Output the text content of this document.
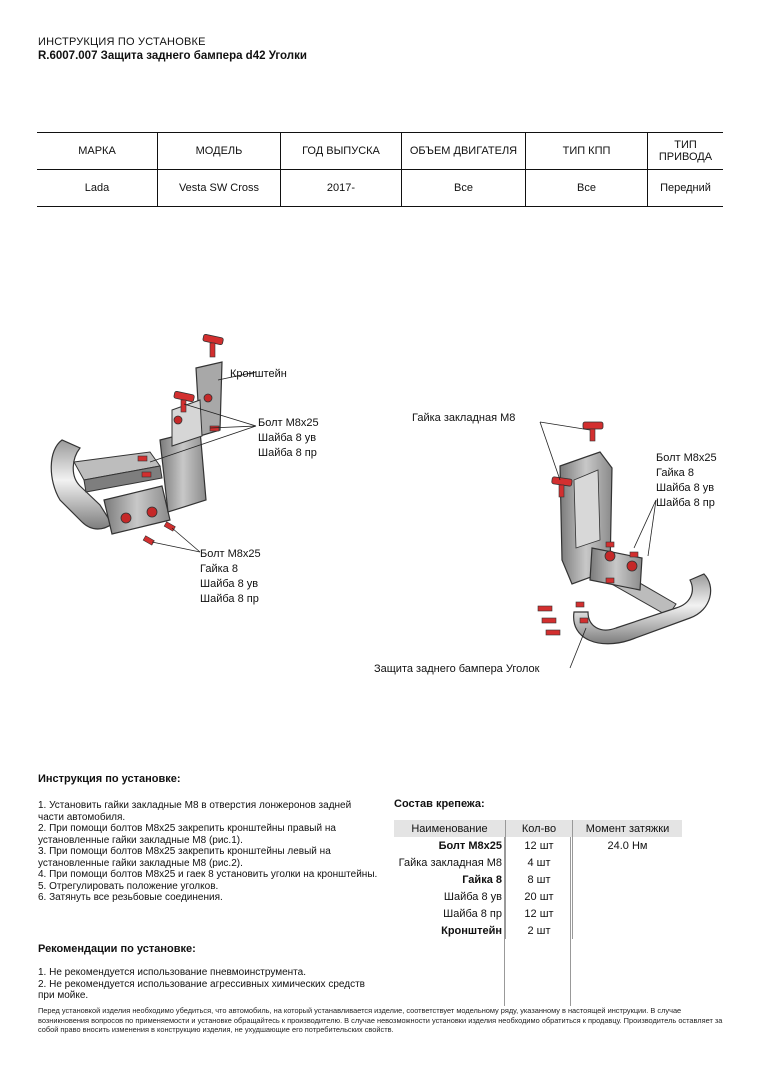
ИНСТРУКЦИЯ ПО УСТАНОВКЕ
R.6007.007 Защита заднего бампера d42 Уголки
МАРКА	МОДЕЛЬ	ГОД ВЫПУСКА	ОБЪЕМ ДВИГАТЕЛЯ	ТИП КПП	ТИП ПРИВОДА
Lada	Vesta SW Cross	2017-	Все	Все	Передний
Кронштейн
Болт М8х25
Шайба 8 ув
Шайба 8 пр
Болт М8х25
Гайка 8
Шайба 8 ув
Шайба 8 пр
Гайка закладная М8
Болт М8х25
Гайка 8
Шайба 8 ув
Шайба 8 пр
Защита заднего бампера Уголок
Инструкция по установке:
1. Установить гайки закладные М8 в отверстия лонжеронов задней части автомобиля.
2. При помощи болтов М8х25 закрепить кронштейны правый на установленные гайки закладные М8 (рис.1).
3. При помощи болтов М8х25 закрепить кронштейны левый на установленные гайки закладные М8 (рис.2).
4. При помощи болтов М8х25 и гаек 8 установить уголки на кронштейны.
5. Отрегулировать положение уголков.
6. Затянуть все резьбовые соединения.
Рекомендации по установке:
1. Не рекомендуется использование пневмоинструмента.
2. Не рекомендуется использование агрессивных химических средств при мойке.
Состав крепежа:
Наименование	Кол-во	Момент затяжки
Болт М8х25	12 шт	24.0 Нм
Гайка закладная М8	4 шт	
Гайка 8	8 шт	
Шайба 8 ув	20 шт	
Шайба 8 пр	12 шт	
Кронштейн	2 шт	
Перед установкой изделия необходимо убедиться, что автомобиль, на который устанавливается изделие, соответствует модельному ряду, указанному в настоящей инструкции. В случае возникновения вопросов по применяемости и установке обращайтесь к производителю. В случае невозможности установки изделия необходимо обратиться к продавцу. Производитель оставляет за собой право вносить изменения в конструкцию изделия, не ухудшающие его потребительских свойств.
